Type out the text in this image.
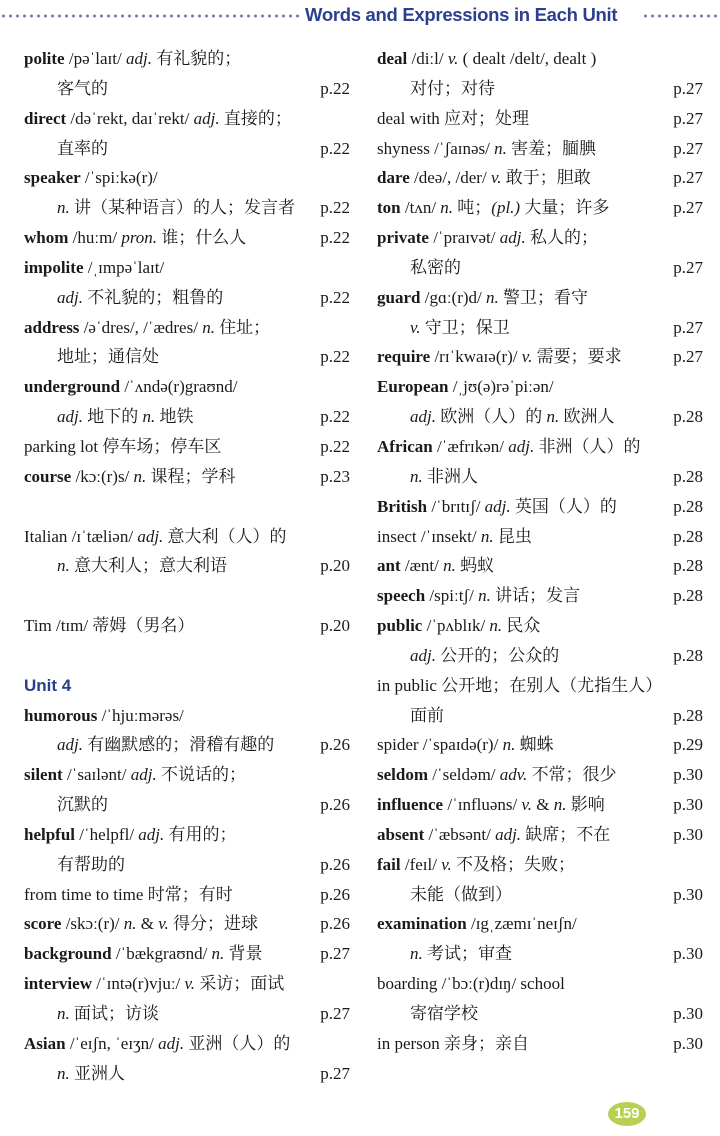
Words and Expressions in Each Unit
polite /pəˈlaɪt/ adj. 有礼貌的；
客气的	p.22
direct /dəˈrekt, daɪˈrekt/ adj. 直接的；
直率的	p.22
speaker /ˈspiːkə(r)/
n. 讲（某种语言）的人；发言者 p.22
whom /huːm/ pron. 谁；什么人	p.22
impolite /ˌɪmpəˈlaɪt/
adj. 不礼貌的；粗鲁的	p.22
address /əˈdres/, /ˈædres/ n. 住址；
地址；通信处	p.22
underground /ˈʌndə(r)graʊnd/
adj. 地下的 n. 地铁	p.22
parking lot 停车场；停车区	p.22
course /kɔː(r)s/ n. 课程；学科	p.23
Italian /ɪˈtæliən/ adj. 意大利（人）的
n. 意大利人；意大利语	p.20
Tim /tɪm/ 蒂姆（男名）	p.20
Unit 4
humorous /ˈhjuːmərəs/
adj. 有幽默感的；滑稽有趣的	p.26
silent /ˈsaɪlənt/ adj. 不说话的；
沉默的	p.26
helpful /ˈhelpfl/ adj. 有用的；
有帮助的	p.26
from time to time 时常；有时	p.26
score /skɔː(r)/ n. & v. 得分；进球	p.26
background /ˈbækgraʊnd/ n. 背景	p.27
interview /ˈɪntə(r)vjuː/ v. 采访；面试
n. 面试；访谈	p.27
Asian /ˈeɪʃn, ˈeɪʒn/ adj. 亚洲（人）的
n. 亚洲人	p.27
deal /diːl/ v. ( dealt /delt/, dealt )
对付；对待	p.27
deal with 应对；处理	p.27
shyness /ˈʃaɪnəs/ n. 害羞；腼腆	p.27
dare /deə/, /der/ v. 敢于；胆敢	p.27
ton /tʌn/ n. 吨；(pl.) 大量；许多	p.27
private /ˈpraɪvət/ adj. 私人的；
私密的	p.27
guard /gɑː(r)d/ n. 警卫；看守
v. 守卫；保卫	p.27
require /rɪˈkwaɪə(r)/ v. 需要；要求	p.27
European /ˌjʊ(ə)rəˈpiːən/
adj. 欧洲（人）的 n. 欧洲人	p.28
African /ˈæfrɪkən/ adj. 非洲（人）的
n. 非洲人	p.28
British /ˈbrɪtɪʃ/ adj. 英国（人）的	p.28
insect /ˈɪnsekt/ n. 昆虫	p.28
ant /ænt/ n. 蚂蚁	p.28
speech /spiːtʃ/ n. 讲话；发言	p.28
public /ˈpʌblɪk/ n. 民众
adj. 公开的；公众的	p.28
in public 公开地；在别人（尤指生人）
面前	p.28
spider /ˈspaɪdə(r)/ n. 蜘蛛	p.29
seldom /ˈseldəm/ adv. 不常；很少	p.30
influence /ˈɪnfluəns/ v. & n. 影响	p.30
absent /ˈæbsənt/ adj. 缺席；不在	p.30
fail /feɪl/ v. 不及格；失败；
未能（做到）	p.30
examination /ɪgˌzæmɪˈneɪʃn/
n. 考试；审查	p.30
boarding /ˈbɔː(r)dɪŋ/ school
寄宿学校	p.30
in person 亲身；亲自	p.30
159
